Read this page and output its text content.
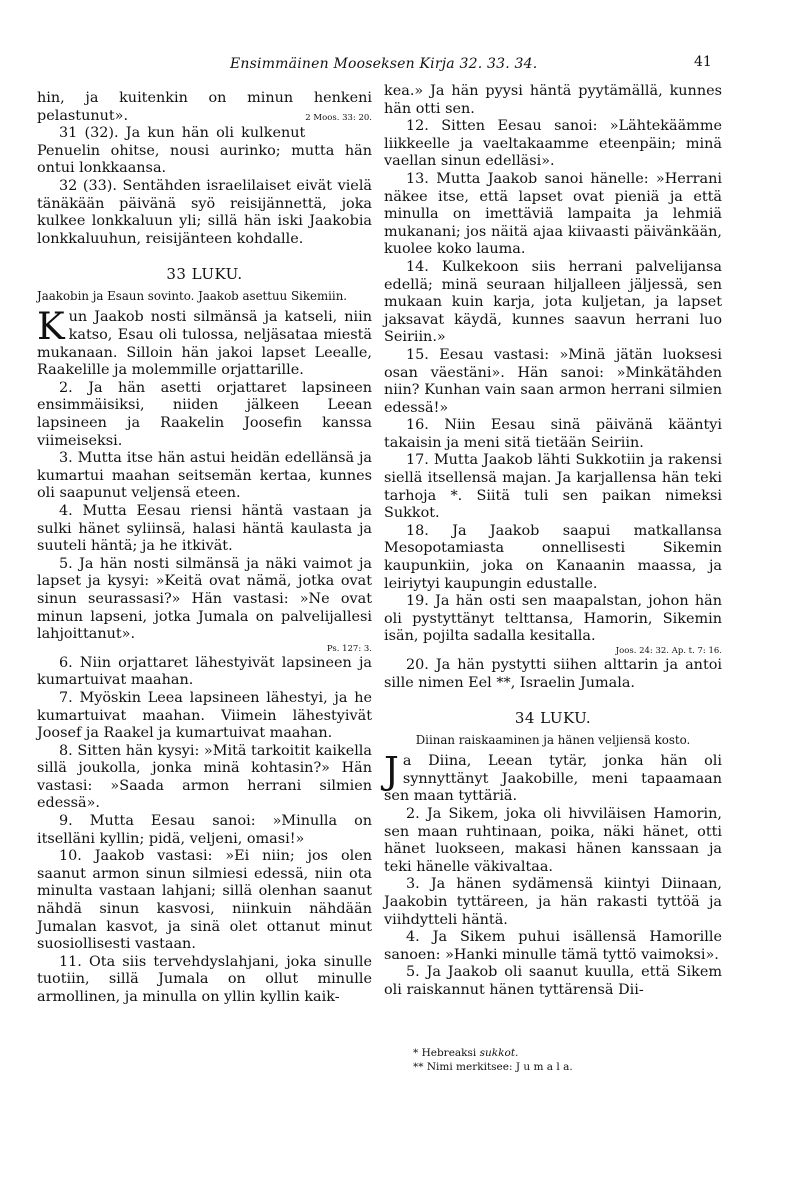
Ensimmäinen Mooseksen Kirja 32. 33. 34.	41

hin, ja kuitenkin on minun henkeni pelastunut».	2 Moos. 33: 20.

31 (32). Ja kun hän oli kulkenut Penuelin ohitse, nousi aurinko; mutta hän ontui lonkkaansa.

32 (33). Sentähden israelilaiset eivät vielä tänäkään päivänä syö reisijännettä, joka kulkee lonkkaluun yli; sillä hän iski Jaakobia lonkkaluuhun, reisijänteen kohdalle.

33 LUKU.
Jaakobin ja Esaun sovinto. Jaakob asettuu Sikemiin.

Kun Jaakob nosti silmänsä ja katseli, niin katso, Esau oli tulossa, neljäsataa miestä mukanaan. Silloin hän jakoi lapset Leealle, Raakelille ja molemmille orjattarille.

2. Ja hän asetti orjattaret lapsineen ensimmäisiksi, niiden jälkeen Leean lapsineen ja Raakelin Joosefin kanssa viimeiseksi.

3. Mutta itse hän astui heidän edellänsä ja kumartui maahan seitsemän kertaa, kunnes oli saapunut veljensä eteen.

4. Mutta Eesau riensi häntä vastaan ja sulki hänet syliinsä, halasi häntä kaulasta ja suuteli häntä; ja he itkivät.

5. Ja hän nosti silmänsä ja näki vaimot ja lapset ja kysyi: »Keitä ovat nämä, jotka ovat sinun seurassasi?» Hän vastasi: »Ne ovat minun lapseni, jotka Jumala on palvelijallesi lahjoittanut».
Ps. 127: 3.

6. Niin orjattaret lähestyivät lapsineen ja kumartuivat maahan.

7. Myöskin Leea lapsineen lähestyi, ja he kumartuivat maahan. Viimein lähestyivät Joosef ja Raakel ja kumartuivat maahan.

8. Sitten hän kysyi: »Mitä tarkoitit kaikella sillä joukolla, jonka minä kohtasin?» Hän vastasi: »Saada armon herrani silmien edessä».

9. Mutta Eesau sanoi: »Minulla on itselläni kyllin; pidä, veljeni, omasi!»

10. Jaakob vastasi: »Ei niin; jos olen saanut armon sinun silmiesi edessä, niin ota minulta vastaan lahjani; sillä olenhan saanut nähdä sinun kasvosi, niinkuin nähdään Jumalan kasvot, ja sinä olet ottanut minut suosiollisesti vastaan.

11. Ota siis tervehdyslahjani, joka sinulle tuotiin, sillä Jumala on ollut minulle armollinen, ja minulla on yllin kyllin kaik-

kea.» Ja hän pyysi häntä pyytämällä, kunnes hän otti sen.

12. Sitten Eesau sanoi: »Lähtekäämme liikkeelle ja vaeltakaamme eteenpäin; minä vaellan sinun edelläsi».

13. Mutta Jaakob sanoi hänelle: »Herrani näkee itse, että lapset ovat pieniä ja että minulla on imettäviä lampaita ja lehmiä mukanani; jos näitä ajaa kiivaasti päivänkään, kuolee koko lauma.

14. Kulkekoon siis herrani palvelijansa edellä; minä seuraan hiljalleen jäljessä, sen mukaan kuin karja, jota kuljetan, ja lapset jaksavat käydä, kunnes saavun herrani luo Seiriin.»

15. Eesau vastasi: »Minä jätän luoksesi osan väestäni». Hän sanoi: »Minkätähden niin? Kunhan vain saan armon herrani silmien edessä!»

16. Niin Eesau sinä päivänä kääntyi takaisin ja meni sitä tietään Seiriin.

17. Mutta Jaakob lähti Sukkotiin ja rakensi siellä itsellensä majan. Ja karjallensa hän teki tarhoja *. Siitä tuli sen paikan nimeksi Sukkot.

18. Ja Jaakob saapui matkallansa Mesopotamiasta onnellisesti Sikemin kaupunkiin, joka on Kanaanin maassa, ja leiriytyi kaupungin edustalle.

19. Ja hän osti sen maapalstan, johon hän oli pystyttänyt telttansa, Hamorin, Sikemin isän, pojilta sadalla kesitalla.
Joos. 24: 32. Ap. t. 7: 16.

20. Ja hän pystytti siihen alttarin ja antoi sille nimen Eel **, Israelin Jumala.

34 LUKU.
Diinan raiskaaminen ja hänen veljiensä kosto.

Ja Diina, Leean tytär, jonka hän oli synnyttänyt Jaakobille, meni tapaamaan sen maan tyttäriä.

2. Ja Sikem, joka oli hivviläisen Hamorin, sen maan ruhtinaan, poika, näki hänet, otti hänet luokseen, makasi hänen kanssaan ja teki hänelle väkivaltaa.

3. Ja hänen sydämensä kiintyi Diinaan, Jaakobin tyttäreen, ja hän rakasti tyttöä ja viihdytteli häntä.

4. Ja Sikem puhui isällensä Hamorille sanoen: »Hanki minulle tämä tyttö vaimoksi».

5. Ja Jaakob oli saanut kuulla, että Sikem oli raiskannut hänen tyttärensä Dii-

* Hebreaksi sukkot.
** Nimi merkitsee: J u m a l a.
